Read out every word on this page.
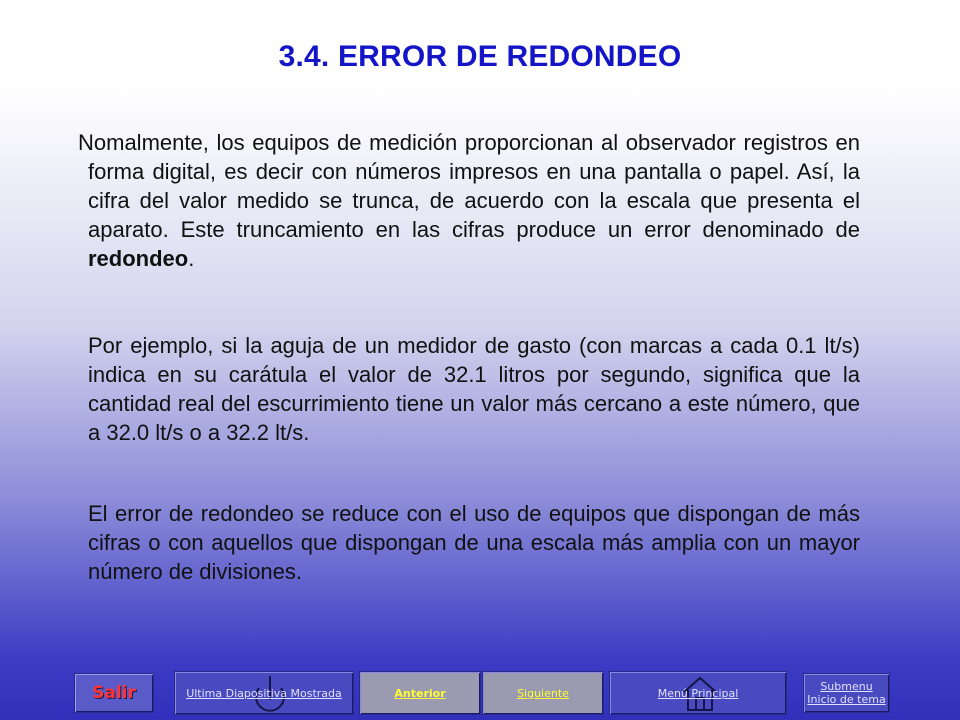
3.4. ERROR DE REDONDEO
Nomalmente, los equipos de medición proporcionan al observador registros en forma digital, es decir con números impresos en una pantalla o papel. Así, la cifra del valor medido se trunca, de acuerdo con la escala que presenta el aparato. Este truncamiento en las cifras produce un error denominado de redondeo.
Por ejemplo, si la aguja de un medidor de gasto (con marcas a cada 0.1 lt/s) indica en su carátula el valor de 32.1 litros por segundo, significa que la cantidad real del escurrimiento tiene un valor más cercano a este número, que a 32.0 lt/s o a 32.2 lt/s.
El error de redondeo se reduce con el uso de equipos que dispongan de más cifras o con aquellos que dispongan de una escala más amplia con un mayor número de divisiones.
Salir	Ultima Diapositiva Mostrada	Anterior	Siguiente	Menú Principal	Submenu
Inicio de tema
